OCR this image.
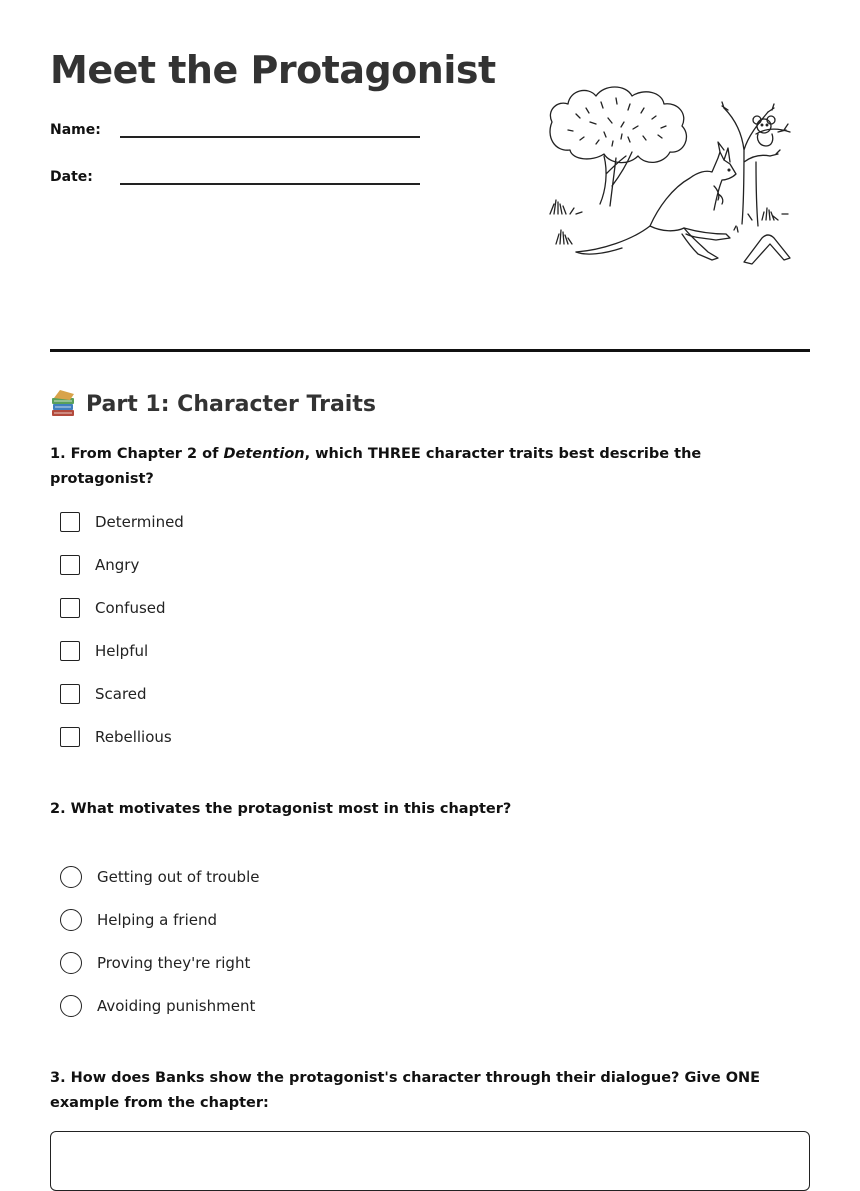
Meet the Protagonist
Name:
Date:
Part 1: Character Traits
1. From Chapter 2 of Detention, which THREE character traits best describe the protagonist?
Determined
Angry
Confused
Helpful
Scared
Rebellious
2. What motivates the protagonist most in this chapter?
Getting out of trouble
Helping a friend
Proving they're right
Avoiding punishment
3. How does Banks show the protagonist's character through their dialogue? Give ONE example from the chapter:
